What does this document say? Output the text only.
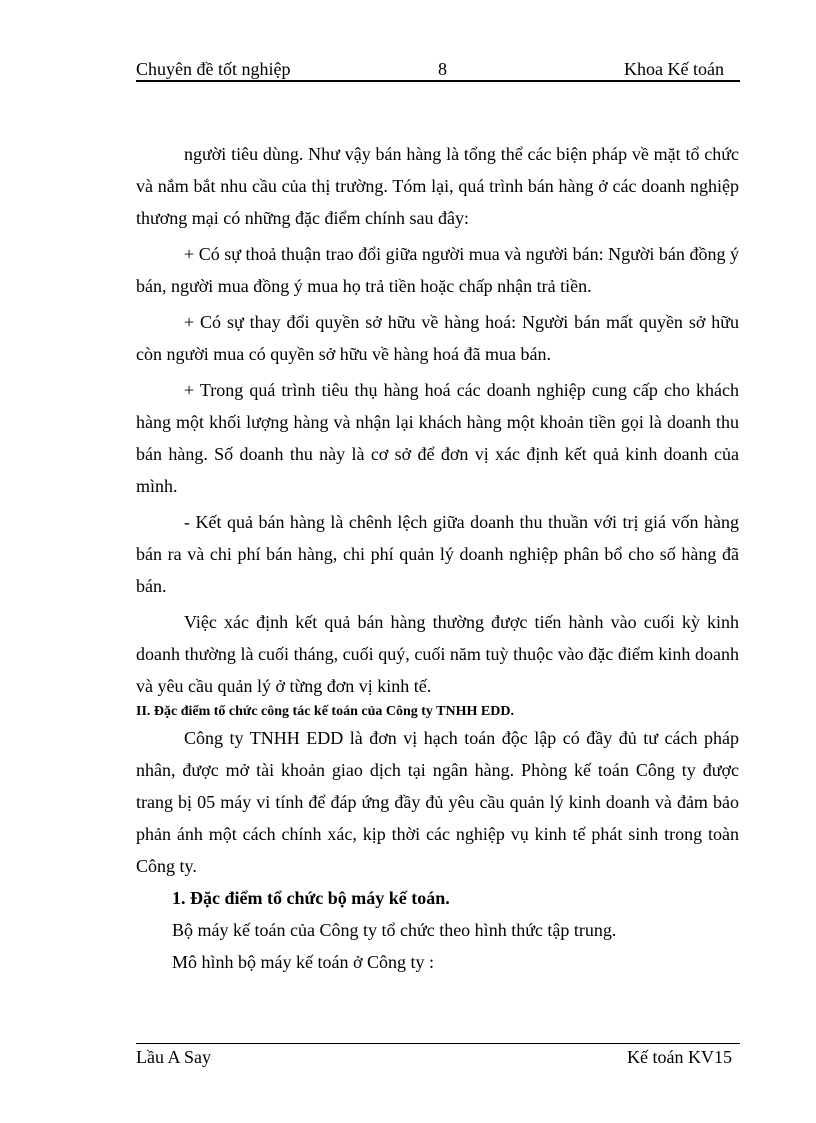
Chuyên đề tốt nghiệp	8	Khoa Kế toán

người tiêu dùng. Như vậy bán hàng là tổng thể các biện pháp về mặt tổ chức và nắm bắt nhu cầu của thị trường. Tóm lại, quá trình bán hàng ở các doanh nghiệp thương mại có những đặc điểm chính sau đây:

+ Có sự thoả thuận trao đổi giữa người mua và người bán: Người bán đồng ý bán, người mua đồng ý mua họ trả tiền hoặc chấp nhận trả tiền.

+ Có sự thay đổi quyền sở hữu về hàng hoá: Người bán mất quyền sở hữu còn người mua có quyền sở hữu về hàng hoá đã mua bán.

+ Trong quá trình tiêu thụ hàng hoá các doanh nghiệp cung cấp cho khách hàng một khối lượng hàng và nhận lại khách hàng một khoản tiền gọi là doanh thu bán hàng. Số doanh thu này là cơ sở để đơn vị xác định kết quả kinh doanh của mình.

- Kết quả bán hàng là chênh lệch giữa doanh thu thuần với trị giá vốn hàng bán ra và chi phí bán hàng, chi phí quản lý doanh nghiệp phân bổ cho số hàng đã bán.

Việc xác định kết quả bán hàng thường được tiến hành vào cuối kỳ kinh doanh thường là cuối tháng, cuối quý, cuối năm tuỳ thuộc vào đặc điểm kinh doanh và yêu cầu quản lý ở từng đơn vị kinh tế.

II. Đặc điểm tổ chức công tác kế toán của Công ty TNHH EDD.

Công ty TNHH EDD là đơn vị hạch toán độc lập có đầy đủ tư cách pháp nhân, được mở tài khoản giao dịch tại ngân hàng. Phòng kế toán Công ty được trang bị 05 máy vi tính để đáp ứng đầy đủ yêu cầu quản lý kinh doanh và đảm bảo phản ánh một cách chính xác, kịp thời các nghiệp vụ kinh tế phát sinh trong toàn Công ty.

1. Đặc điểm tổ chức bộ máy kế toán.

Bộ máy kế toán của Công ty tổ chức theo hình thức tập trung.

Mô hình bộ máy kế toán ở Công ty :

Lầu A Say	Kế toán KV15
